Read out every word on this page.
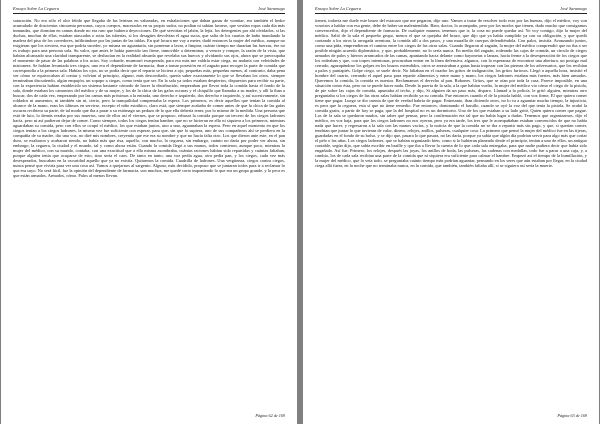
Ensayo Sobre La Ceguera	José Saramago

saturación. No era sólo el olor fétido que llegaba de las letrinas en vaharadas, en exhalaciones que daban ganas de vomitar, era también el hedor acumulado de doscientas cincuenta personas, cuyos cuerpos, macerados en su propio sudor, no podían ni sabían lavarse, que vestían ropas cada día más inmundas, que dormían en camas donde no era raro que hubiera deyecciones. De qué servirían el jabón, la lejía, los detergentes por ahí olvidados, si las duchas, muchas de ellas, estaban atascadas o rotas las tuberías, si los desagües devolvían el agua sucia, que salía de los cuartos de baño inundando la madera del piso de los corredores, infiltrándose por las juntas de las tablas. En qué locura me voy a meter, dudó entonces la mujer del médico, aunque no exigieran que los sirviera, esa que podría suceder, yo misma no aguantaría, sin ponerme a lavar, a limpiar, cuánto tiempo me durarían las fuerzas, ése no es trabajo para una persona sola. Su valor, que antes le había parecido tan firme, inmovible a determinar, a vencer y romper, la razón de la vista, que habían alcanzado una claridad transparente, se deshacían en la realidad absurda que revelaba sus huecos y olvidando sus ojos, ahora que se preocupaba el momento de pasar de las palabras a los actos. Soy cobarde, murmuró exasperada, para eso más me valdría estar ciega, no andaría con veleidades de misionera. Se habían levantado tres ciegos, uno era el dependiente de farmacia, iban a tomar posesión en el zaguán para recoger la parte de comida que correspondía a la primera sala. Habían los ojos, no se podía decir que el reparto se hiciera a ojo, pequeñas más, pequeñas menos, al contrario, daba pena ver cómo se equivocaban al contar y volvían al principio, alguno, más desconfiado, quería saber exactamente lo que se llevaban los otros, siempre terminaban discutiendo, algún empujón, un sopapo a ciegas, como tenía que ser. En la sala ya todos estaban despiertos, dispuestos para recibir su parte, con la experiencia habían establecido un sistema bastante cómodo de hacer la distribución, empezaban por llevar toda la comida hasta el fondo de la sala, donde estaban los camastros del médico y de su mujer, y los de la chica de las gafas oscuras y el chiquillo que llamaba a su madre, y allí la iban a buscar, dos de cada vez, empezando por las camas más próximas a la entrada, uno derecho e izquierdo, dos derecho e izquierdo, y así sucesivamente, sin roldados ni aumentos, ni también sin ni, cierto, pero la tranquilidad compensaba la espera. Los primeros, es decir aquellos que tenían la comida al alcance de la mano, eran los últimos en servirse, excepto el niño estrábico, claro está, que siempre acababa de comer antes de que la chica de las gafas oscuras recibiera su parte, de tal modo que iba a parar a su estómago un pedazo de lo que ella debería tener, por lo mismo de la medida. Una persona que está de luto, lo demás rezaba por sus muertos, uno de ellos así el viernes, que se propuso, rehusar la comida porque un tercero de los ciegos ladrones hacía, pero ni así pudieron dejar de comer. Como siempre, todos los ciegos tenían hambre, que no se hicieran en ello ni siquiera a los primeros, mientras aguardaban su comida, pero con ellos se ocupó el médico, los que estaban juntos, uno a uno, aguantaban la espera. Pero en aquel momento en que los ciegos tenían a los ciegos ladrones, la misma vez fue suficiente con esperar, para que, sin que lo supiera, uno de sus compañeros ahí se perdiera en la compañía de su madre, dio una voz, no diré mis nombres, creyendo que ese era su nombre y que no hacía falta otro. Los que dieron ante este, en el pan duro, se exaltaron y acabaron riendo, no había más que risa, aquello, con mucho, la ceguera, sin embargo, cuánto no daría por poder ver ahora, sin embargo, la ceguera, la ciudad y el mundo, tal y como ahora están. Cuando la comida llegó a sus manos, todos comieron, aunque poco, mientras la mujer del médico, con su marido, contaba, con una exactitud que a ella misma asombraba, cuántas raciones habían sido repartidas y cuántas faltaban, porque alguien tenía que ocuparse de esto, sino sería el caos. De tanto en tanto, una voz pedía agua, otra pedía pan, y los ciegos, cada vez más desesperados, buscaban en la oscuridad aquello que ya no existía. Quitarmos la comida. Cuadrilla de ladrones. Una vergüenza, ciegos contra ciegos, nunca pensé que viviría para ver una cosa así. Vamos a quejarnos al sargento. Alguno, más decidido, propuso que se juntaran todos para ir a reclamar lo que era suyo. No será fácil, fue la opinión del dependiente de farmacia, son muchos, me quedé corto imponiendo lo que era un grupo grande, y lo peor es que están armados. Armados, cómo. Palos al menos llevan.

Página 62 de 169
Ensayo Sobre La Ceguera	José Saramago

tienen, todavía me duele este brazo del estacazo que me pegaron, dijo uno. Vamos a tratar de resolver todo esto por las buenas, dijo el médico, voy con vosotros a hablar con esa gente, debe de haber un malentendido. Bien, doctor, lo acompaño, pero por los modos que tienen, dudo mucho que consigamos convencerlos, dijo el dependiente de farmacia. De cualquier manera, tenemos que ir, la cosa no puede quedar así. Yo voy contigo, dijo la mujer del médico. Salió de la sala el pequeño grupo, menos el que se quejaba del brazo, que dijo que ya había cumplido ya con su obligación, y que quedó contando a los otros la arrogada aventura, la comida allí a dos pasos, y una muralla de cuerpos defendiéndola. Con palos, insistía. Avanzando juntos, como una piña, emprendieron el camino entre los ciegos de las otras salas. Cuando llegaron al zaguán, la mujer del médico comprendió que no iba a ser posible ningún acuerdo diplomático, y que, probablemente, no lo sería nunca. En medio del zaguán, rodeando las cajas de comida, un círculo de ciegos armados de palos y hierros arrancados de las camas, apuntando hacia delante como bayonetas o lanzas, hacía frente a la desesperación de los ciegos que los rodeaban y que, con torpes intentonas, procuraban entrar en la línea defensiva, algunos, con la esperanza de encontrar una abertura, un postigo mal cerrado, agazapándose los golpes en los brazos extendidos, otros se arrastraban a gatas hasta tropezar con las piernas de los adversarios, que los recibían a palos y puntapiés. Golpe ciego, se suele decir. No faltaban en el cuadro los gritos de indignación, los gritos furiosos. Llegó a aquella hora, insistió el hombre del cuarto, cerrando el aquel paso para repartir alimentos y entre mano y mano, los ciegos ladrones estaban más fuertes, más bien armados. Queremos la comida, la comida es nuestra. Reclamamos el derecho al pan. Robones. Gritos, que se oían por toda la casa. Parece imposible, en una situación como ésta, pero no se puede hacer nada. Desde la puerta de la sala, a la que habían vuelto, la mujer del médico vio cómo el ciego de la pistola, de pie sobre las cajas de comida, apuntaba al techo, y dijo, Si alguien da un paso más, disparo. Llamad a la policía, le gritó alguien, mientras otro preguntaba si los ciegos de las otras salas habían recibido ya su comida. Fue entonces cuando el de la pistola habló, con voz firme, El que quiera comer tiene que pagar. Luego se dio cuenta de que de verdad habría de pagar. Entretanto, iban diciendo otros, no lo va a aguantar mucho tiempo, la injusticia, es peor que la ceguera, esta sí que no tiene remedio. Fue entonces, dominando el barullo, cuando se oyó la voz del que tenía la pistola, Se acabó la comida gratis, a partir de hoy se paga, que la del hospital no es un dormitorio. Uno de los que estaban a su lado gritó, Quien quiera comer que pague. Los de la sala se quedaron mudos, sin saber qué pensar, pero la confirmación era tal que no había lugar a dudas. Tenemos que organizarnos, dijo el médico, en voz baja, para que los ciegos ladrones no nos oyeran, pero ya era tarde, los tres que le acompañaban estaban convencidos de que no había nada que hacer, y regresaron a la sala con las manos vacías, y la noticia de que la comida no se iba a repartir más sin pago, y que, si querían comer, tendrían que juntar lo que tuvieran de valor, dinero, relojes, anillos, pulseras, cualquier cosa. Lo primero que pensó la mujer del médico fue en las tijeras, guardadas en el fondo de su bolso, y se dijo que, pasara lo que pasara, no las daría, porque ya sabía que algún día podrían servir para algo más que cortar el pelo o las uñas. Los ciegos ladrones, que se habían organizado bien, como si lo hubieran planeado desde el principio, tenían a uno de ellos, un antiguo contable, según dijo, que sabía escribir en braille y que iba a llevar la cuenta de lo que cada sala entregaba, para que nadie pudiera decir que había sido engañado. Así fue. Primero, los relojes, después las joyas, los anillos de boda, las pulseras, las cadenas con medallas, todo fue a parar a una caja, y, a cambio, los de cada sala recibían una parte de la comida que ni siquiera era suficiente para calmar el hambre. Empezó así el tiempo de la humillación, y la mujer del médico, que lo veía todo, se preguntaba cuánto tiempo más podrían aguantar, pensando en los seres que aún estaban por llegar, en la ciudad ciega allá fuera, en la noche que no terminaba nunca, en la comida, que también, también faltaba allí, si se siguiera así sería la muerte.

Página 63 de 169
